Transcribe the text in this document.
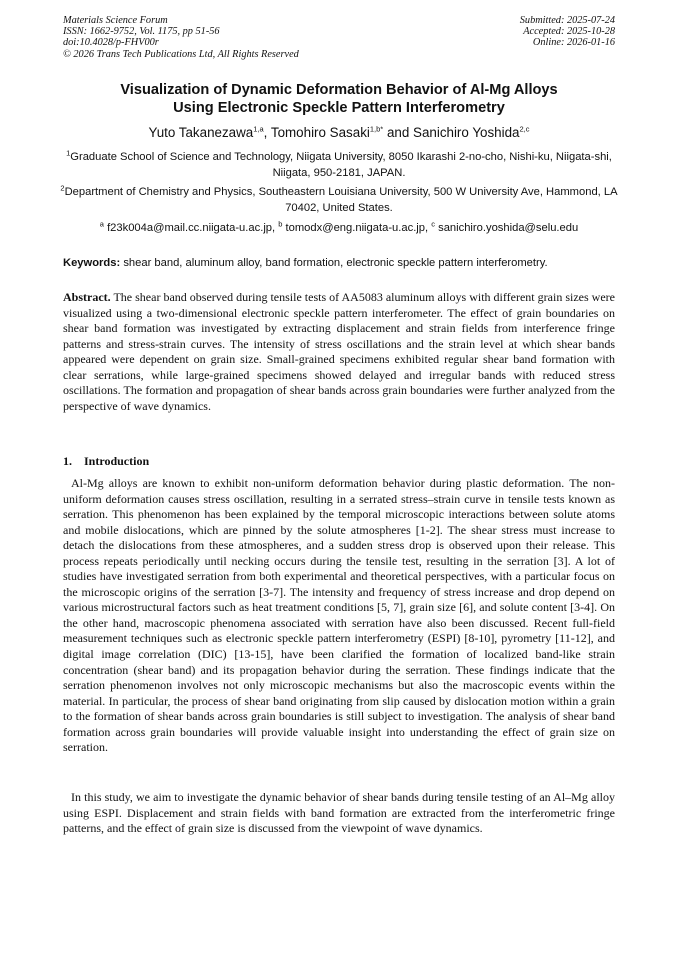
Materials Science Forum
ISSN: 1662-9752, Vol. 1175, pp 51-56
doi:10.4028/p-FHV00r
© 2026 Trans Tech Publications Ltd, All Rights Reserved
Submitted: 2025-07-24
Accepted: 2025-10-28
Online: 2026-01-16
Visualization of Dynamic Deformation Behavior of Al-Mg Alloys
Using Electronic Speckle Pattern Interferometry
Yuto Takanezawa$^{1,a}$, Tomohiro Sasaki$^{1,b*}$ and Sanichiro Yoshida$^{2,c}$
$^1$Graduate School of Science and Technology, Niigata University, 8050 Ikarashi 2-no-cho, Nishi-ku, Niigata-shi, Niigata, 950-2181, JAPAN.
$^2$Department of Chemistry and Physics, Southeastern Louisiana University, 500 W University Ave, Hammond, LA 70402, United States.
$^a$ f23k004a@mail.cc.niigata-u.ac.jp, $^b$ tomodx@eng.niigata-u.ac.jp, $^c$ sanichiro.yoshida@selu.edu
Keywords: shear band, aluminum alloy, band formation, electronic speckle pattern interferometry.
Abstract. The shear band observed during tensile tests of AA5083 aluminum alloys with different grain sizes were visualized using a two-dimensional electronic speckle pattern interferometer. The effect of grain boundaries on shear band formation was investigated by extracting displacement and strain fields from interference fringe patterns and stress-strain curves. The intensity of stress oscillations and the strain level at which shear bands appeared were dependent on grain size. Small-grained specimens exhibited regular shear band formation with clear serrations, while large-grained specimens showed delayed and irregular bands with reduced stress oscillations. The formation and propagation of shear bands across grain boundaries were further analyzed from the perspective of wave dynamics.
1. Introduction
Al-Mg alloys are known to exhibit non-uniform deformation behavior during plastic deformation. The non-uniform deformation causes stress oscillation, resulting in a serrated stress–strain curve in tensile tests known as serration. This phenomenon has been explained by the temporal microscopic interactions between solute atoms and mobile dislocations, which are pinned by the solute atmospheres [1-2]. The shear stress must increase to detach the dislocations from these atmospheres, and a sudden stress drop is observed upon their release. This process repeats periodically until necking occurs during the tensile test, resulting in the serration [3]. A lot of studies have investigated serration from both experimental and theoretical perspectives, with a particular focus on the microscopic origins of the serration [3-7]. The intensity and frequency of stress increase and drop depend on various microstructural factors such as heat treatment conditions [5, 7], grain size [6], and solute content [3-4]. On the other hand, macroscopic phenomena associated with serration have also been discussed. Recent full-field measurement techniques such as electronic speckle pattern interferometry (ESPI) [8-10], pyrometry [11-12], and digital image correlation (DIC) [13-15], have been clarified the formation of localized band-like strain concentration (shear band) and its propagation behavior during the serration. These findings indicate that the serration phenomenon involves not only microscopic mechanisms but also the macroscopic events within the material. In particular, the process of shear band originating from slip caused by dislocation motion within a grain to the formation of shear bands across grain boundaries is still subject to investigation. The analysis of shear band formation across grain boundaries will provide valuable insight into understanding the effect of grain size on serration.
In this study, we aim to investigate the dynamic behavior of shear bands during tensile testing of an Al–Mg alloy using ESPI. Displacement and strain fields with band formation are extracted from the interferometric fringe patterns, and the effect of grain size is discussed from the viewpoint of wave dynamics.
